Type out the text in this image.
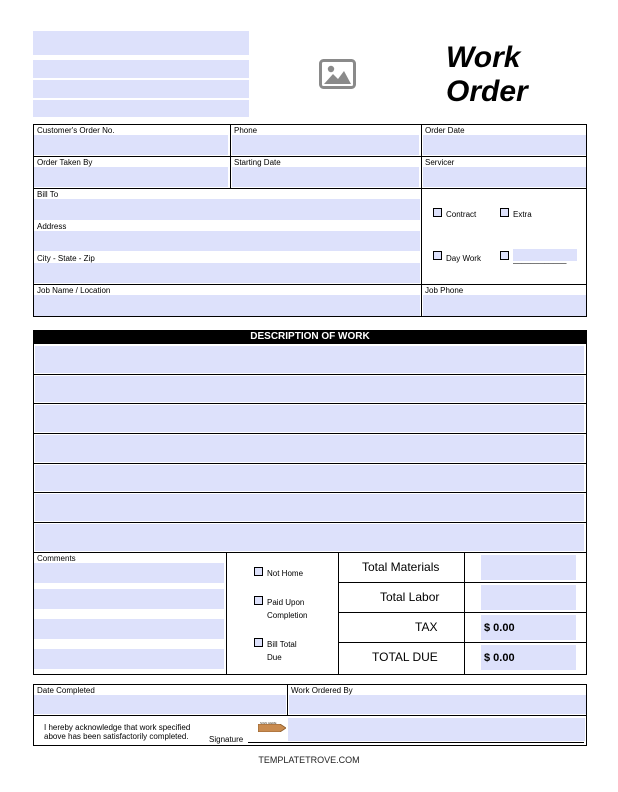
Work
Order
Customer's Order No.	Phone	Order Date
Order Taken By	Starting Date	Servicer
Bill To
Address
City - State - Zip
Contract	Extra
Day Work	____________
Job Name / Location	Job Phone
DESCRIPTION OF WORK
Comments
Not Home
Paid Upon
Completion
Bill Total
Due
Total Materials
Total Labor
TAX	$ 0.00
TOTAL DUE	$ 0.00
Date Completed	Work Ordered By
I hereby acknowledge that work specified
above has been satisfactorily completed.	Signature
SIGN HERE
TEMPLATETROVE.COM
